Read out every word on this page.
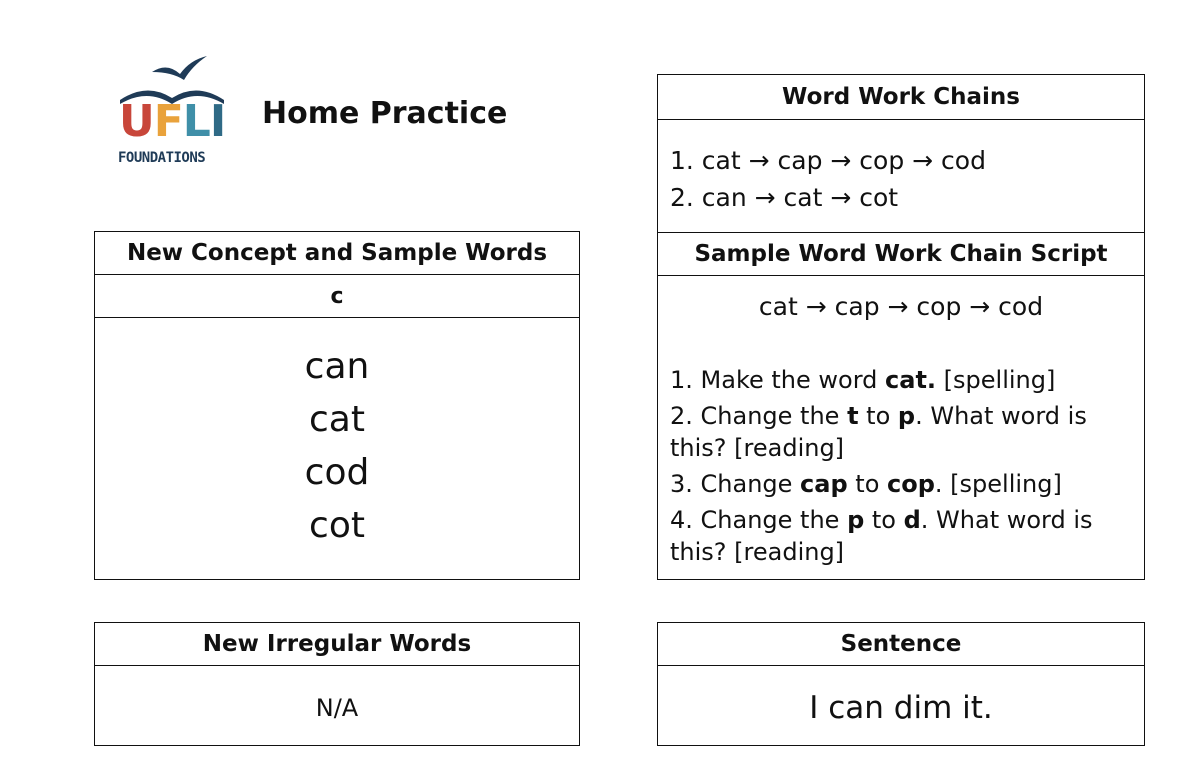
UFLI
FOUNDATIONS
Home Practice
New Concept and Sample Words
c
can
cat
cod
cot
Word Work Chains
1. cat → cap → cop → cod
2. can → cat → cot
Sample Word Work Chain Script
cat → cap → cop → cod
1. Make the word cat. [spelling]
2. Change the t to p. What word is this? [reading]
3. Change cap to cop. [spelling]
4. Change the p to d. What word is this? [reading]
New Irregular Words
N/A
Sentence
I can dim it.
